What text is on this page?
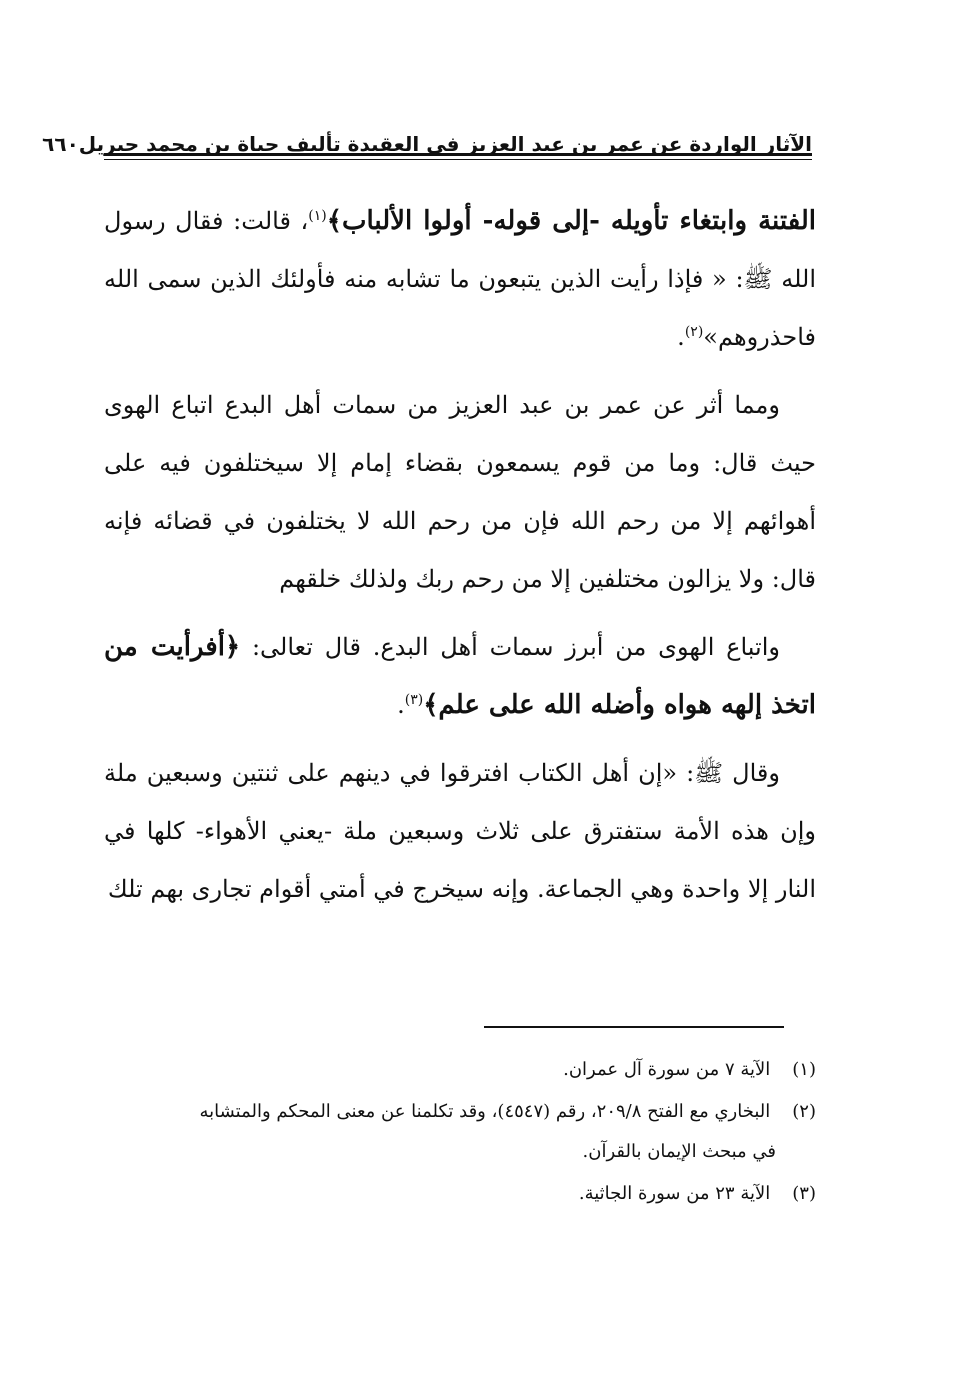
الآثار الواردة عن عمر بن عبد العزيز في العقيدة تأليف حياة بن محمد جبريل
٦٦٠

الفتنة وابتغاء تأويله -إلى قوله- أولوا الألباب﴾$^{(١)}$، قالت: فقال رسول الله ﷺ: « فإذا رأيت الذين يتبعون ما تشابه منه فأولئك الذين سمى الله فاحذروهم»$^{(٢)}$.

ومما أثر عن عمر بن عبد العزيز من سمات أهل البدع اتباع الهوى حيث قال: وما من قوم يسمعون بقضاء إمام إلا سيختلفون فيه على أهوائهم إلا من رحم الله فإن من رحم الله لا يختلفون في قضائه فإنه قال: ولا يزالون مختلفين إلا من رحم ربك ولذلك خلقهم

واتباع الهوى من أبرز سمات أهل البدع. قال تعالى: ﴿أفرأيت من اتخذ إلهه هواه وأضله الله على علم﴾$^{(٣)}$.

وقال ﷺ: «إن أهل الكتاب افترقوا في دينهم على ثنتين وسبعين ملة وإن هذه الأمة ستفترق على ثلاث وسبعين ملة -يعني الأهواء- كلها في النار إلا واحدة وهي الجماعة. وإنه سيخرج في أمتي أقوام تجارى بهم تلك

(١) الآية ٧ من سورة آل عمران.

(٢) البخاري مع الفتح ٢٠٩/٨، رقم (٤٥٤٧)، وقد تكلمنا عن معنى المحكم والمتشابه
في مبحث الإيمان بالقرآن.

(٣) الآية ٢٣ من سورة الجاثية.
